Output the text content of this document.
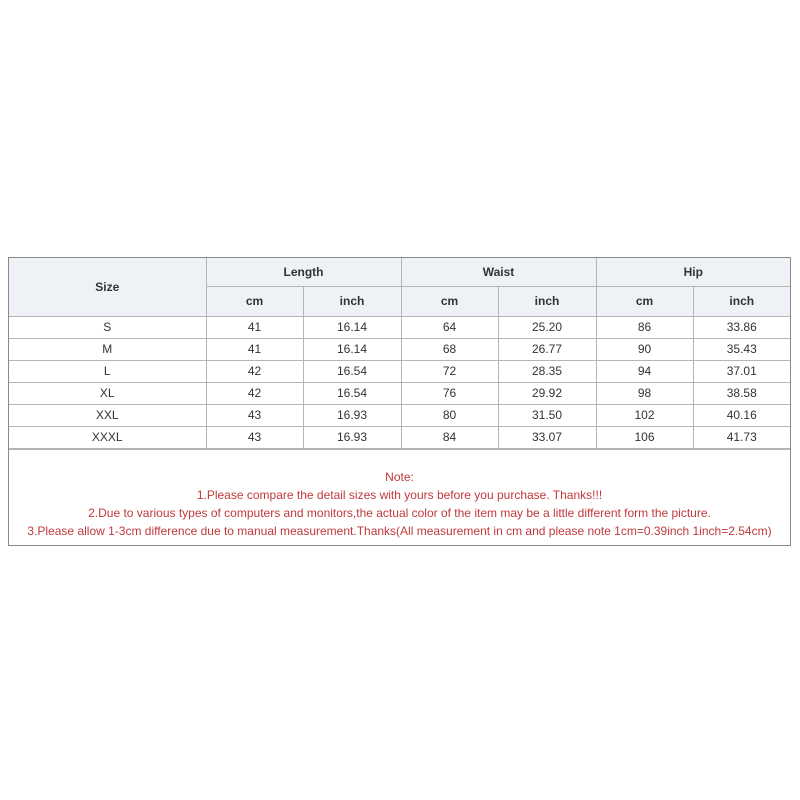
Size	Length		Waist		Hip	
	cm	inch	cm	inch	cm	inch
S	41	16.14	64	25.20	86	33.86
M	41	16.14	68	26.77	90	35.43
L	42	16.54	72	28.35	94	37.01
XL	42	16.54	76	29.92	98	38.58
XXL	43	16.93	80	31.50	102	40.16
XXXL	43	16.93	84	33.07	106	41.73
Note:
1.Please compare the detail sizes with yours before you purchase. Thanks!!!
2.Due to various types of computers and monitors,the actual color of the item may be a little different form the picture.
3.Please allow 1-3cm difference due to manual measurement.Thanks(All measurement in cm and please note 1cm=0.39inch 1inch=2.54cm)
